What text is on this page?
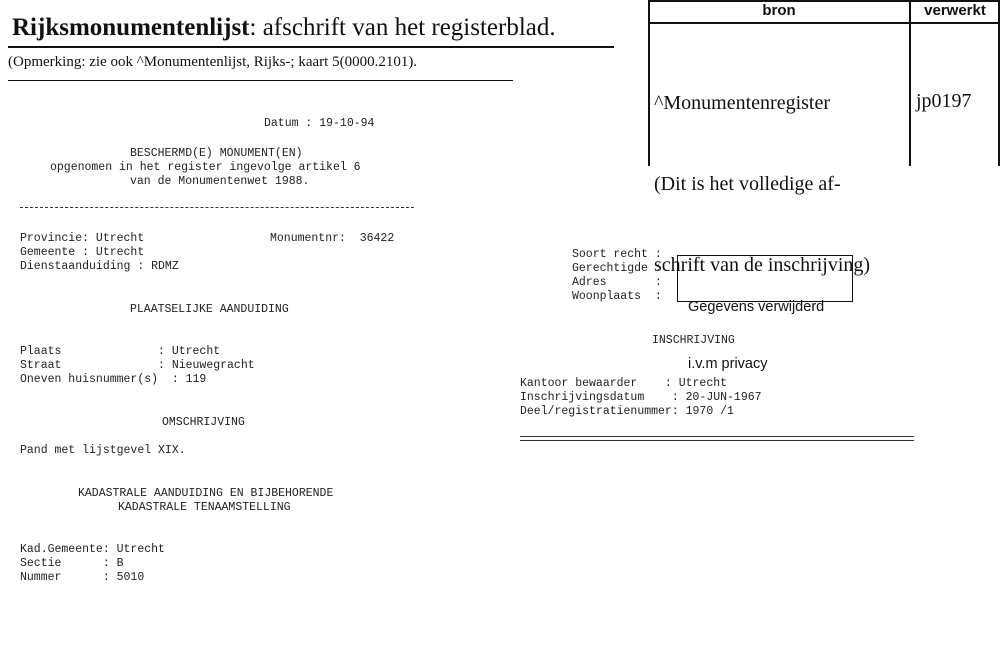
Rijksmonumentenlijst: afschrift van het registerblad.
(Opmerking: zie ook ^Monumentenlijst, Rijks-; kaart 5(0000.2101).

bron

	verwerkt

^Monumentenregister

(Dit is het volledige af-

schrift van de inschrijving)

jp0197

Datum : 19-10-94
BESCHERMD(E) MONUMENT(EN)
opgenomen in het register ingevolge artikel 6
van de Monumentenwet 1988.
Provincie: Utrecht	Monumentnr:  36422
Gemeente : Utrecht
Dienstaanduiding : RDMZ
PLAATSELIJKE AANDUIDING
Plaats              : Utrecht
Straat              : Nieuwegracht
Oneven huisnummer(s)  : 119
OMSCHRIJVING
Pand met lijstgevel XIX.
KADASTRALE AANDUIDING EN BIJBEHORENDE
KADASTRALE TENAAMSTELLING
Kad.Gemeente: Utrecht
Sectie      : B
Nummer      : 5010
Soort recht :
Gerechtigde :
Adres       :
Woonplaats  :

Gegevens verwijderd

i.v.m privacy

INSCHRIJVING
Kantoor bewaarder    : Utrecht
Inschrijvingsdatum    : 20-JUN-1967
Deel/registratienummer: 1970 /1
